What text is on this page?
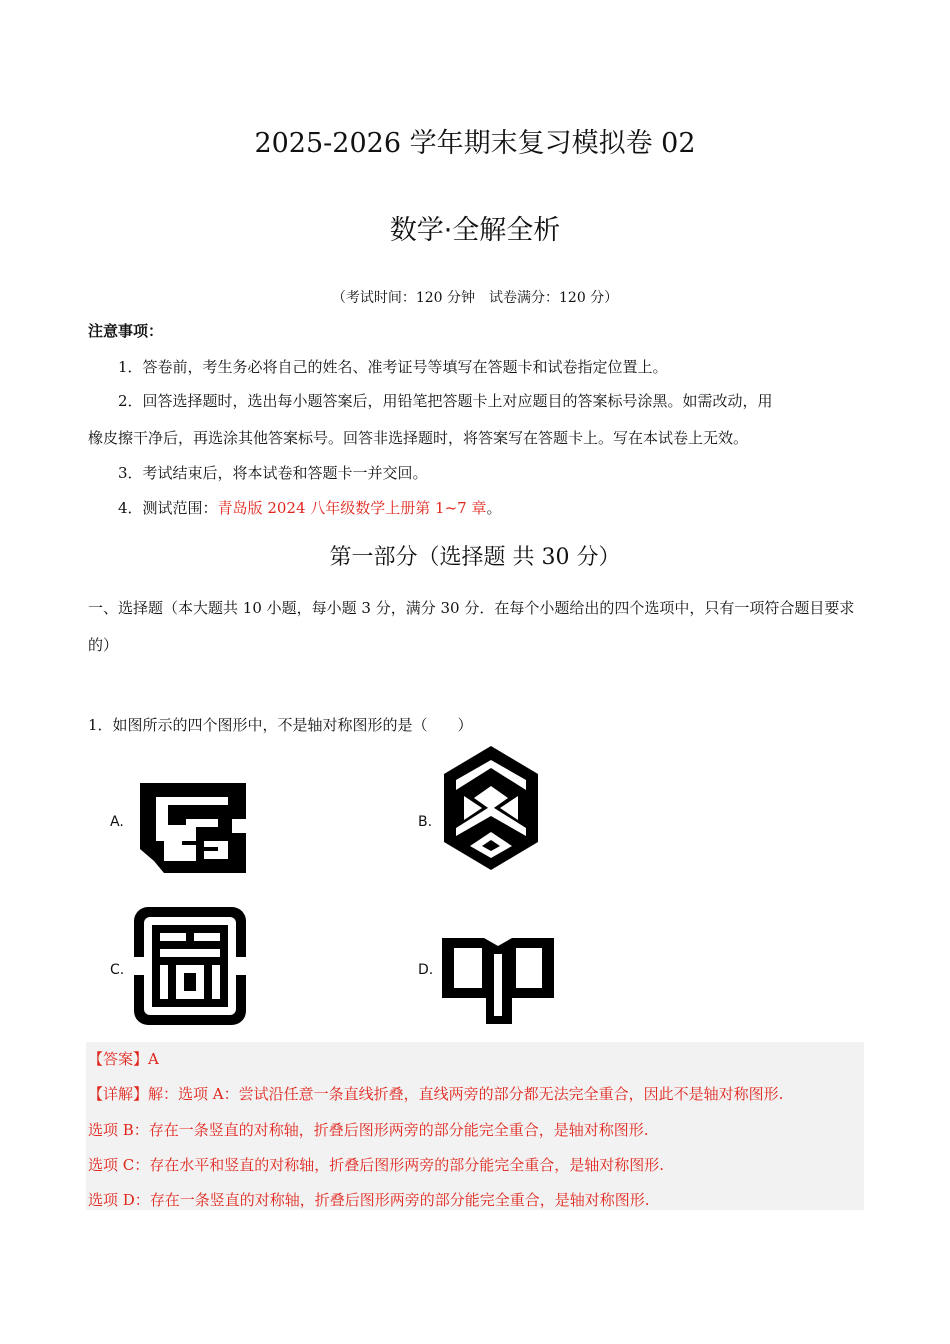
2025-2026 学年期末复习模拟卷 02
数学·全解全析
（考试时间：120 分钟　试卷满分：120 分）
注意事项：
1．答卷前，考生务必将自己的姓名、准考证号等填写在答题卡和试卷指定位置上。
2．回答选择题时，选出每小题答案后，用铅笔把答题卡上对应题目的答案标号涂黑。如需改动，用
橡皮擦干净后，再选涂其他答案标号。回答非选择题时，将答案写在答题卡上。写在本试卷上无效。
3．考试结束后，将本试卷和答题卡一并交回。
4．测试范围：青岛版 2024 八年级数学上册第 1~7 章。
第一部分（选择题 共 30 分）
一、选择题（本大题共 10 小题，每小题 3 分，满分 30 分．在每个小题给出的四个选项中，只有一项符合题目要求的）
1．如图所示的四个图形中，不是轴对称图形的是（　　）
A.	B.
C.	D.
【答案】A
【详解】解：选项 A：尝试沿任意一条直线折叠，直线两旁的部分都无法完全重合，因此不是轴对称图形.
选项 B：存在一条竖直的对称轴，折叠后图形两旁的部分能完全重合，是轴对称图形.
选项 C：存在水平和竖直的对称轴，折叠后图形两旁的部分能完全重合，是轴对称图形.
选项 D：存在一条竖直的对称轴，折叠后图形两旁的部分能完全重合，是轴对称图形.
